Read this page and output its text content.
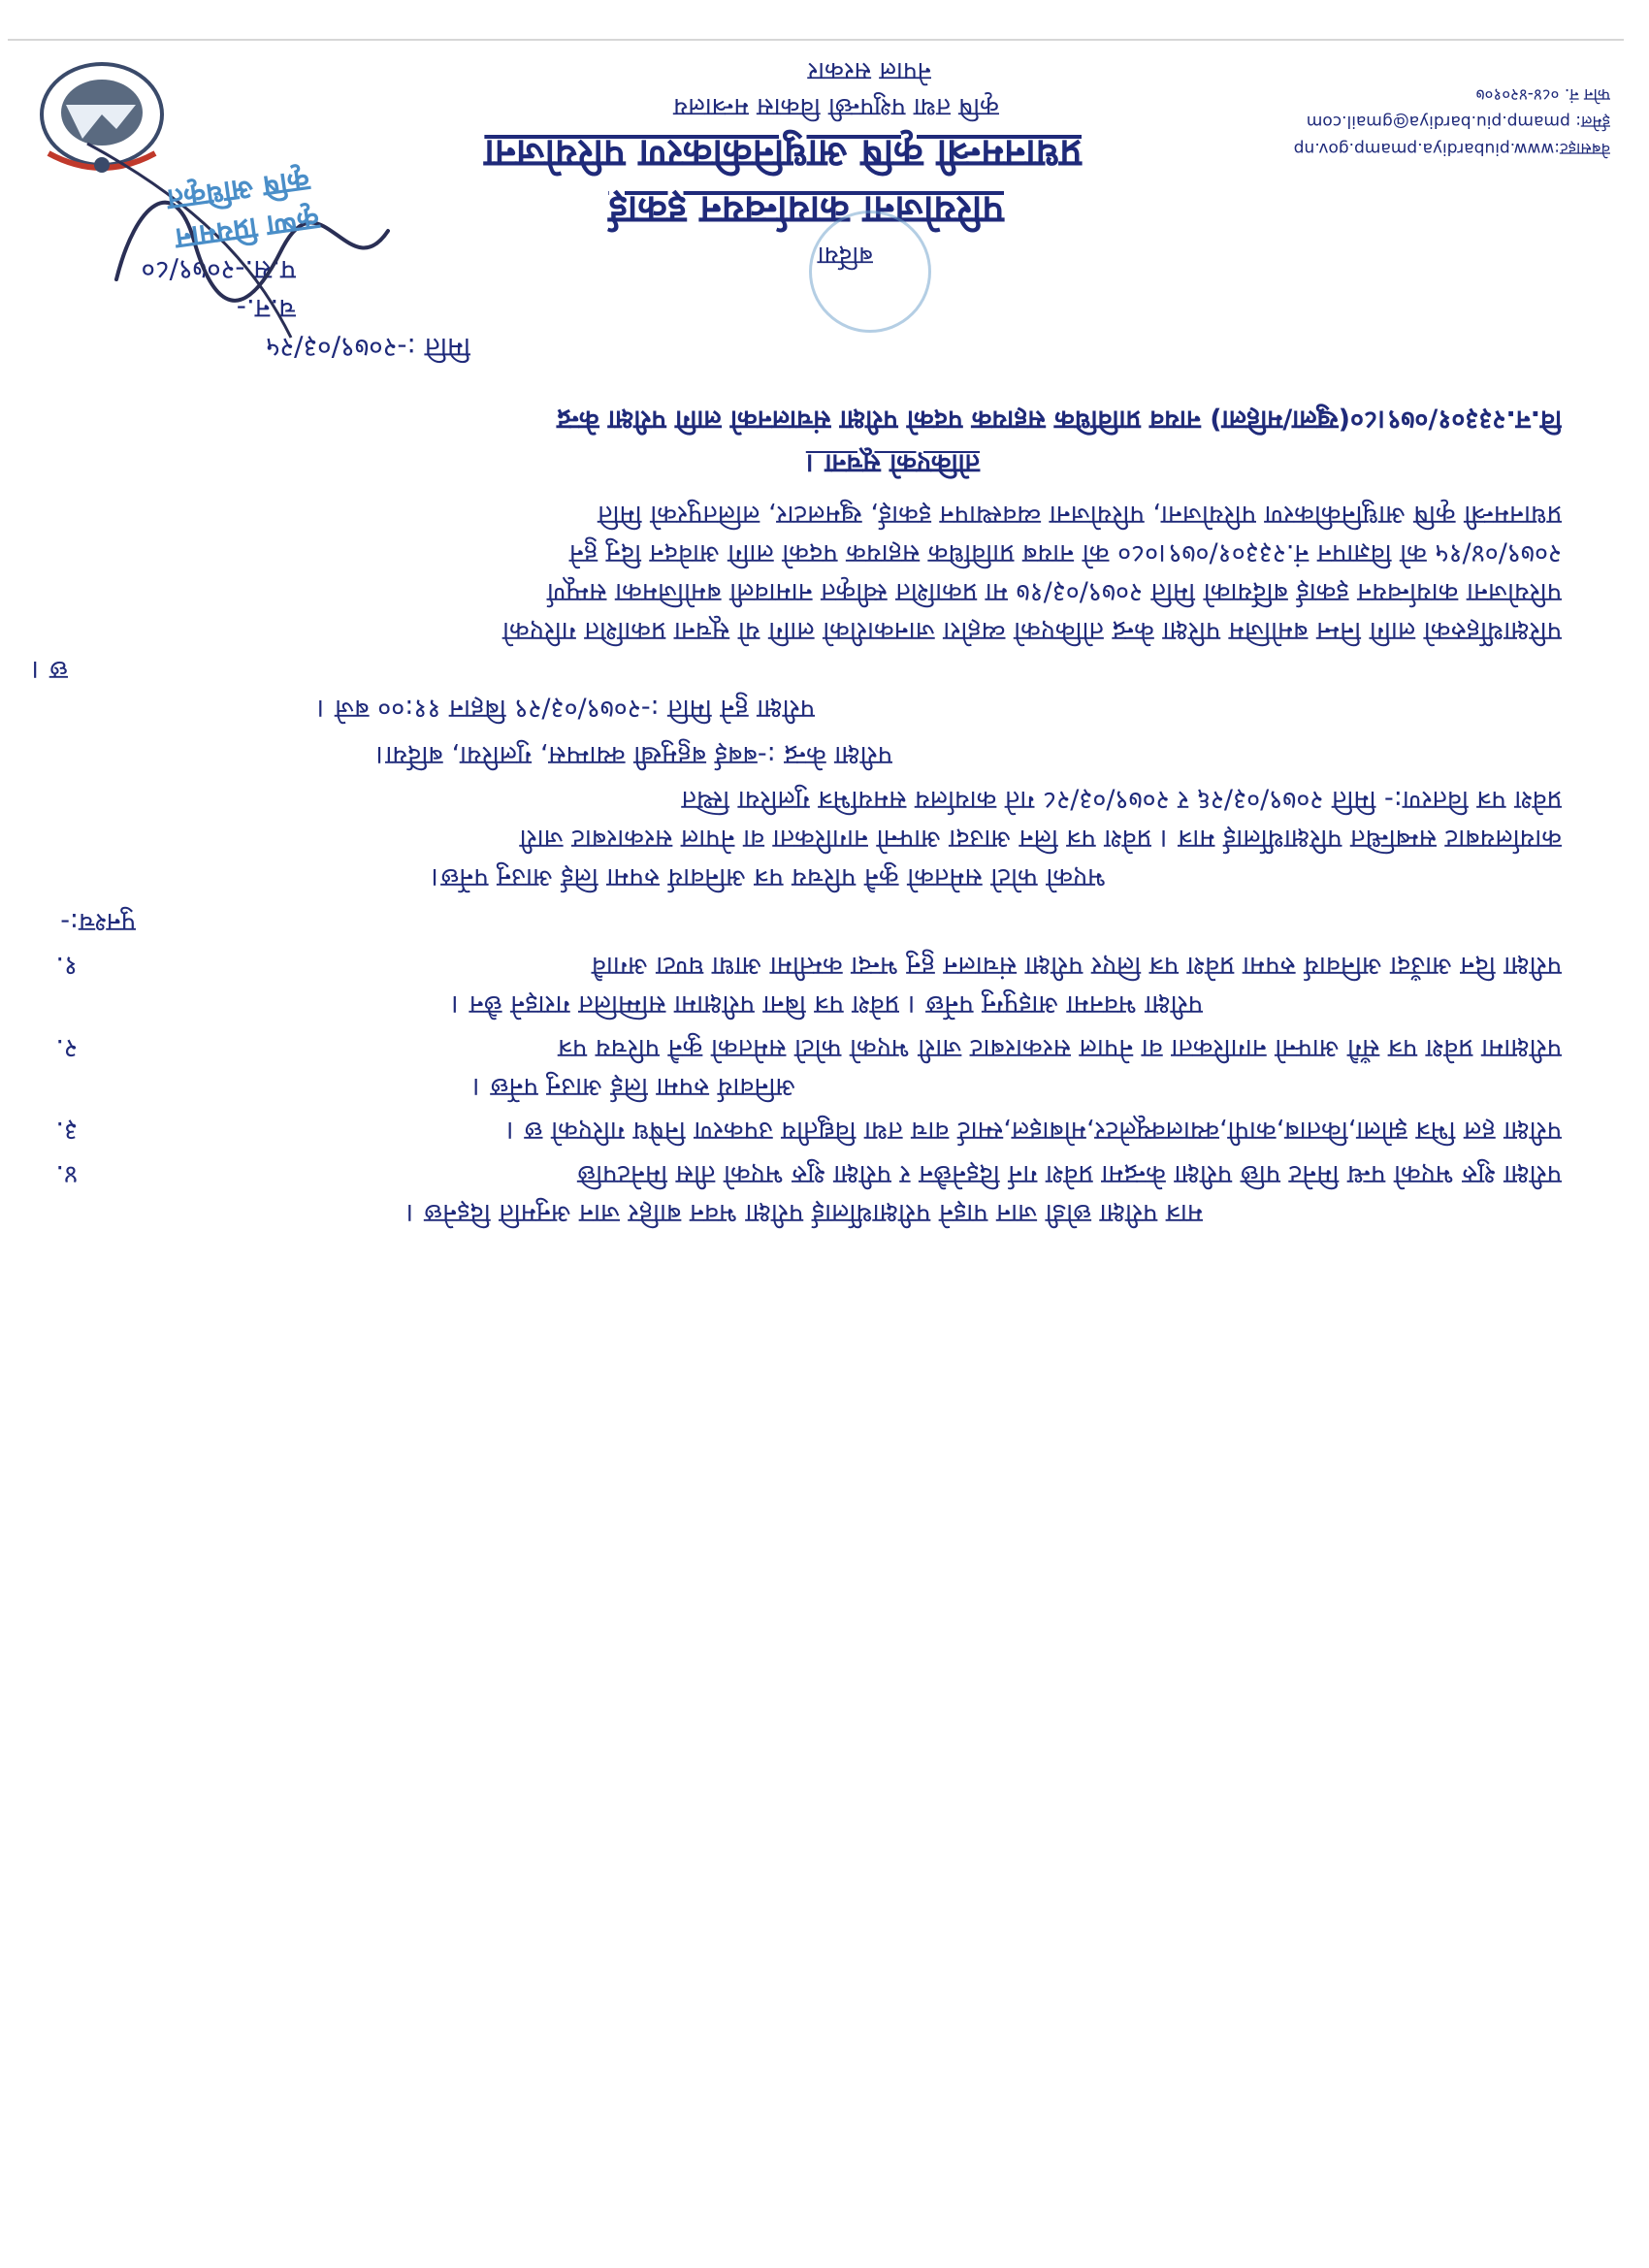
नेपाल सरकार
कृषि तथा पशुपन्छी विकास मन्त्रालय
प्रधानमन्त्री कृषि आधुनिकीकरण परियोजना
परियोजना कार्यान्वयन इकाई
बर्दिया
फोन नं. ०८४-४२०१०७
ईमेल: pmamp.piu.bardiya@gmail.com
वेबसाइट:www.piubardiya.pmamp.gov.np
प.स.-२०७९/८०
च.न.-
मिति :-२०७९/०३/२५
वि.न.२३३०१/०७९।८०(खुला/महिला) नायव प्राविधिक सहायक पदको परीक्षा संचालनको लागि परीक्षा केन्द्र
तोकिएको सूचना ।
प्रधानमन्त्री कृषि आधुनिकीकरण परियोजना, परियोजना व्यवस्थापन इकाई, खुमलटार, ललितपुरको मिति
२०७९/०४/१५ को विज्ञापन नं.२३३०१/०७९।०८० को नायब प्राविधिक सहायक पदको लागि आवेदन दिनु हुने
परियोजना कार्यान्वयन इकाई बर्दियाको मिति २०७९/०३/१७ मा प्रकाशित स्वीकृत नामावली बमोजिमका सम्पूर्ण
परिक्षार्थीहरुको लागि निम्न बमोजिम परिक्षा केन्द्र तोकिएको व्यहोरा जानकारीको लागि यो सूचना प्रकाशित गरिएको
छ ।
परीक्षा हुने मिति :-२०७९/०३/२९ बिहान ११:०० बजे ।
परीक्षा केन्द्र :-बबई बहुमुखी क्याम्पस, गुलरिया, बर्दिया।
प्रवेश पत्र वितरण:- मिति २०७९/०३/२६ र २०७९/०३/२८ गते कार्यालय समयभित्र गुलरिया स्थित
कार्यालयबाट सम्बन्धित परिक्षार्थीलाई मात्र । प्रवेश पत्र लिन आउदा आफ्नो नागरिकता वा नेपाल सरकारबाट जारी
भएको फोटो समेतको कुनै परिचय पत्र अनिवार्य रुपमा लिई आउनु पर्नेछ।
पुनश्च:-
१.	परीक्षा दिन आउँदा अनिवार्य रुपमा प्रवेश पत्र लिएर परीक्षा संचालन हुनु भन्दा कम्तीमा आधा घण्टा अगावै
परीक्षा भवनमा आइपुग्नु पर्नेछ । प्रवेश पत्र बिना परीक्षामा सम्मिलित गराइने छैन ।
२.	परीक्षामा प्रवेश पत्र सँगै आफ्नो नागरिकता वा नेपाल सरकारबाट जारी भएको फोटो समेतको कुनै परिचय पत्र
अनिवार्य रुपमा लिई आउनु पर्नेछ ।
३.	परीक्षा हल भित्र झोला,किताब,कापी,क्यालक्यूलेटर,मोबाइल,स्मार्ट वाच तथा विद्युतीय उपकरण निषेध गरिएको छ ।
४.	परीक्षा शुरु भएको पन्ध मिनेट पछि परीक्षा केन्द्रमा प्रवेश गर्न दिइनेछैन र परीक्षा शुरु भएको तीस मिनेटपछि
मात्र परीक्षा छोडी जान पाइने परीक्षार्थीलाई परीक्षा भवन बाहिर जान अनुमति दिइनेछ ।
कृष्ण प्रियमान
कृषि अधिकृत
